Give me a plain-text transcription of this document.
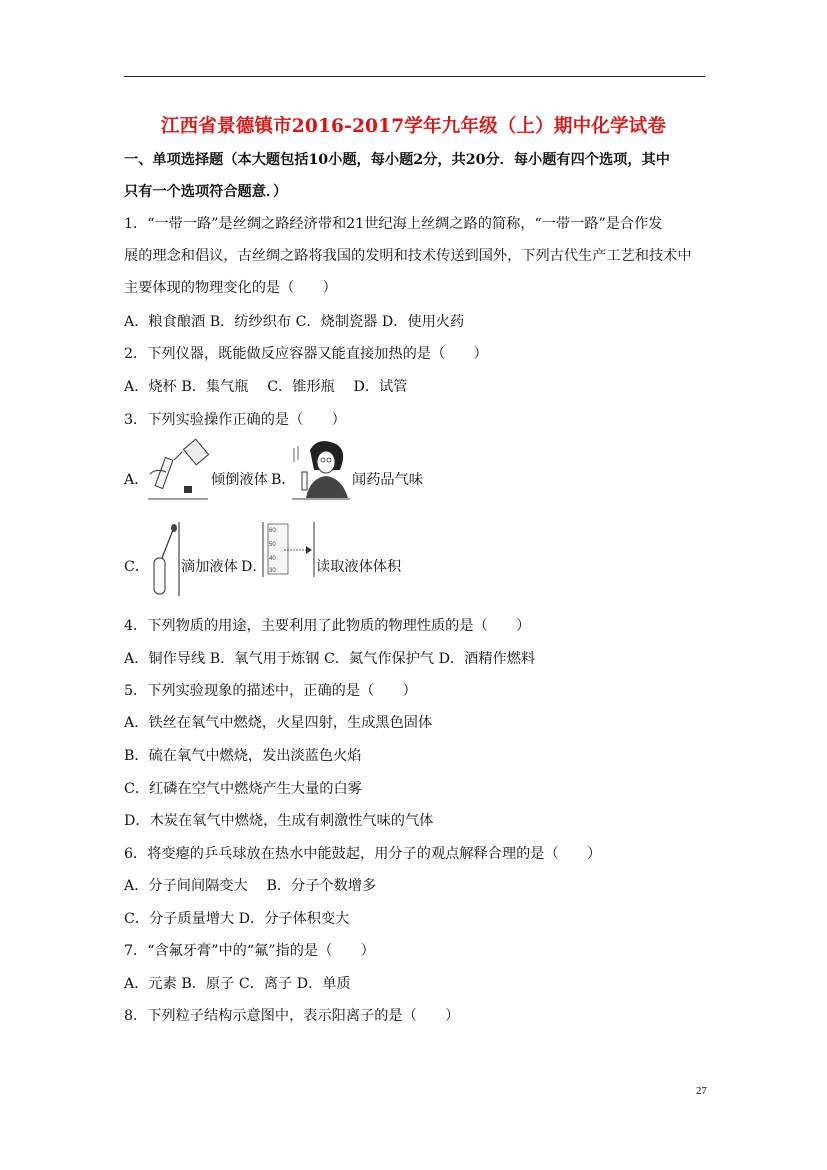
江西省景德镇市2016-2017学年九年级（上）期中化学试卷
一、单项选择题（本大题包括10小题，每小题2分，共20分．每小题有四个选项，其中
只有一个选项符合题意．）
1．“一带一路”是丝绸之路经济带和21世纪海上丝绸之路的简称，“一带一路”是合作发
展的理念和倡议，古丝绸之路将我国的发明和技术传送到国外，下列古代生产工艺和技术中
主要体现的物理变化的是（　　）
A．粮食酿酒 B．纺纱织布 C．烧制瓷器 D．使用火药
2．下列仪器，既能做反应容器又能直接加热的是（　　）
A．烧杯 B．集气瓶　 C．锥形瓶　 D．试管
3．下列实验操作正确的是（　　）
A．	倾倒液体 B．	闻药品气味
C． 滴加液体 D．
60
50
40
30	读取液体体积
4．下列物质的用途，主要利用了此物质的物理性质的是（　　）
A．铜作导线 B．氧气用于炼钢 C．氮气作保护气 D．酒精作燃料
5．下列实验现象的描述中，正确的是（　　）
A．铁丝在氧气中燃烧，火星四射，生成黑色固体
B．硫在氧气中燃烧，发出淡蓝色火焰
C．红磷在空气中燃烧产生大量的白雾
D．木炭在氧气中燃烧，生成有刺激性气味的气体
6．将变瘪的乒乓球放在热水中能鼓起，用分子的观点解释合理的是（　　）
A．分子间间隔变大　 B．分子个数增多
C．分子质量增大 D．分子体积变大
7．“含氟牙膏”中的“氟”指的是（　　）
A．元素 B．原子 C．离子 D．单质
8．下列粒子结构示意图中，表示阳离子的是（　　）
27
